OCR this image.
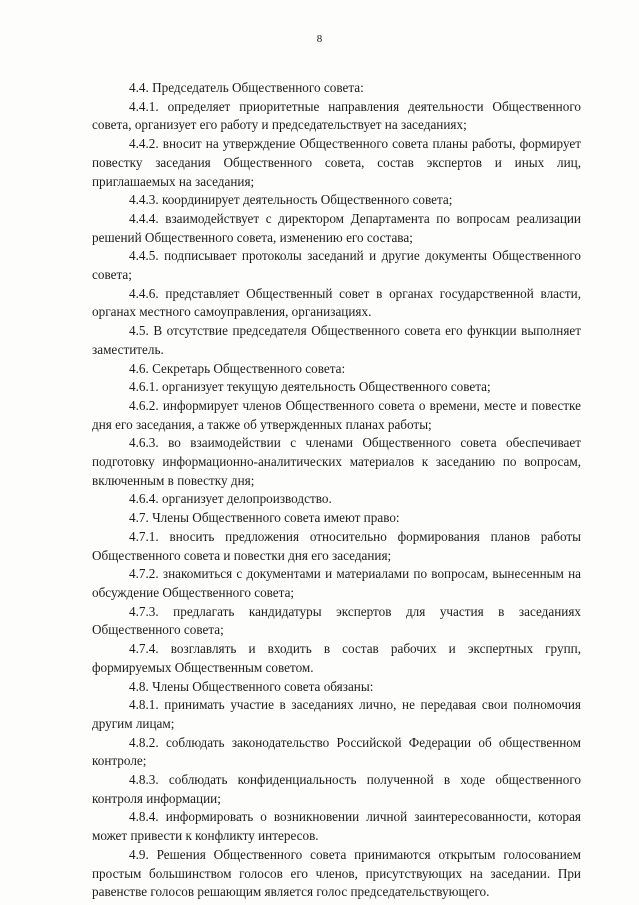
8

4.4. Председатель Общественного совета:

4.4.1. определяет приоритетные направления деятельности Общественного совета, организует его работу и председательствует на заседаниях;

4.4.2. вносит на утверждение Общественного совета планы работы, формирует повестку заседания Общественного совета, состав экспертов и иных лиц, приглашаемых на заседания;

4.4.3. координирует деятельность Общественного совета;

4.4.4. взаимодействует с директором Департамента по вопросам реализации решений Общественного совета, изменению его состава;

4.4.5. подписывает протоколы заседаний и другие документы Общественного совета;

4.4.6. представляет Общественный совет в органах государственной власти, органах местного самоуправления, организациях.

4.5. В отсутствие председателя Общественного совета его функции выполняет заместитель.

4.6. Секретарь Общественного совета:

4.6.1. организует текущую деятельность Общественного совета;

4.6.2. информирует членов Общественного совета о времени, месте и повестке дня его заседания, а также об утвержденных планах работы;

4.6.3. во взаимодействии с членами Общественного совета обеспечивает подготовку информационно-аналитических материалов к заседанию по вопросам, включенным в повестку дня;

4.6.4. организует делопроизводство.

4.7. Члены Общественного совета имеют право:

4.7.1. вносить предложения относительно формирования планов работы Общественного совета и повестки дня его заседания;

4.7.2. знакомиться с документами и материалами по вопросам, вынесенным на обсуждение Общественного совета;

4.7.3. предлагать кандидатуры экспертов для участия в заседаниях Общественного совета;

4.7.4. возглавлять и входить в состав рабочих и экспертных групп, формируемых Общественным советом.

4.8. Члены Общественного совета обязаны:

4.8.1. принимать участие в заседаниях лично, не передавая свои полномочия другим лицам;

4.8.2. соблюдать законодательство Российской Федерации об общественном контроле;

4.8.3. соблюдать конфиденциальность полученной в ходе общественного контроля информации;

4.8.4. информировать о возникновении личной заинтересованности, которая может привести к конфликту интересов.

4.9. Решения Общественного совета принимаются открытым голосованием простым большинством голосов его членов, присутствующих на заседании. При равенстве голосов решающим является голос председательствующего.
